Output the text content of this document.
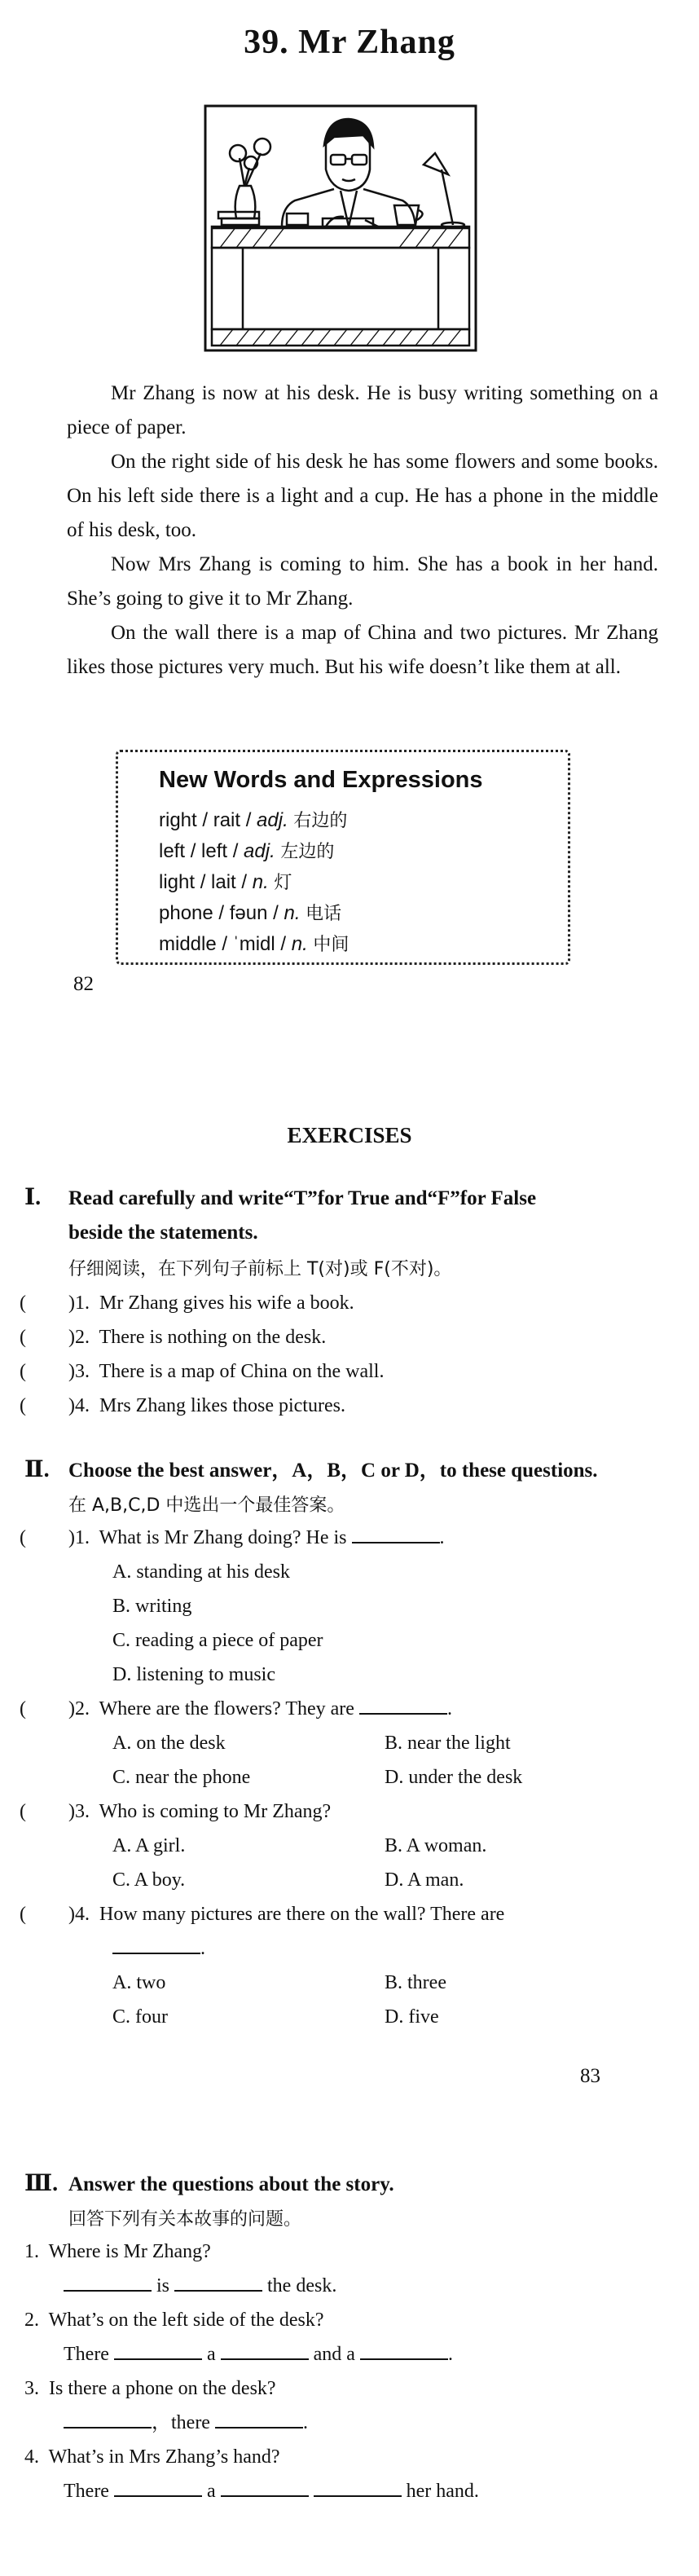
39. Mr Zhang

Mr Zhang is now at his desk. He is busy writing something on a piece of paper.

On the right side of his desk he has some flowers and some books. On his left side there is a light and a cup. He has a phone in the middle of his desk, too.

Now Mrs Zhang is coming to him. She has a book in her hand. She’s going to give it to Mr Zhang.

On the wall there is a map of China and two pictures. Mr Zhang likes those pictures very much. But his wife doesn’t like them at all.

New Words and Expressions
right / rait / adj. 右边的
left / left / adj. 左边的
light / lait / n. 灯
phone / fəun / n. 电话
middle / ˈmidl / n. 中间
82
EXERCISES
Ⅰ. Read carefully and write“T”for True and“F”for False
beside the statements.
仔细阅读，在下列句子前标上 T(对)或 F(不对)。
( )1. Mr Zhang gives his wife a book.
( )2. There is nothing on the desk.
( )3. There is a map of China on the wall.
( )4. Mrs Zhang likes those pictures.
Ⅱ. Choose the best answer，A，B，C or D，to these questions.
在 A,B,C,D 中选出一个最佳答案。
( )1. What is Mr Zhang doing? He is	.
A. standing at his desk
B. writing
C. reading a piece of paper
D. listening to music
( )2. Where are the flowers? They are	.
A. on the desk	B. near the light
C. near the phone	D. under the desk
( )3. Who is coming to Mr Zhang?
A. A girl.	B. A woman.
C. A boy.	D. A man.
( )4. How many pictures are there on the wall? There are
.
A. two	B. three
C. four	D. five
83
Ⅲ. Answer the questions about the story.
回答下列有关本故事的问题。
1. Where is Mr Zhang?
is	the desk.
2. What’s on the left side of the desk?
There	a	and a	.
3. Is there a phone on the desk?
，there	.
4. What’s in Mrs Zhang’s hand?
There	a	her hand.
